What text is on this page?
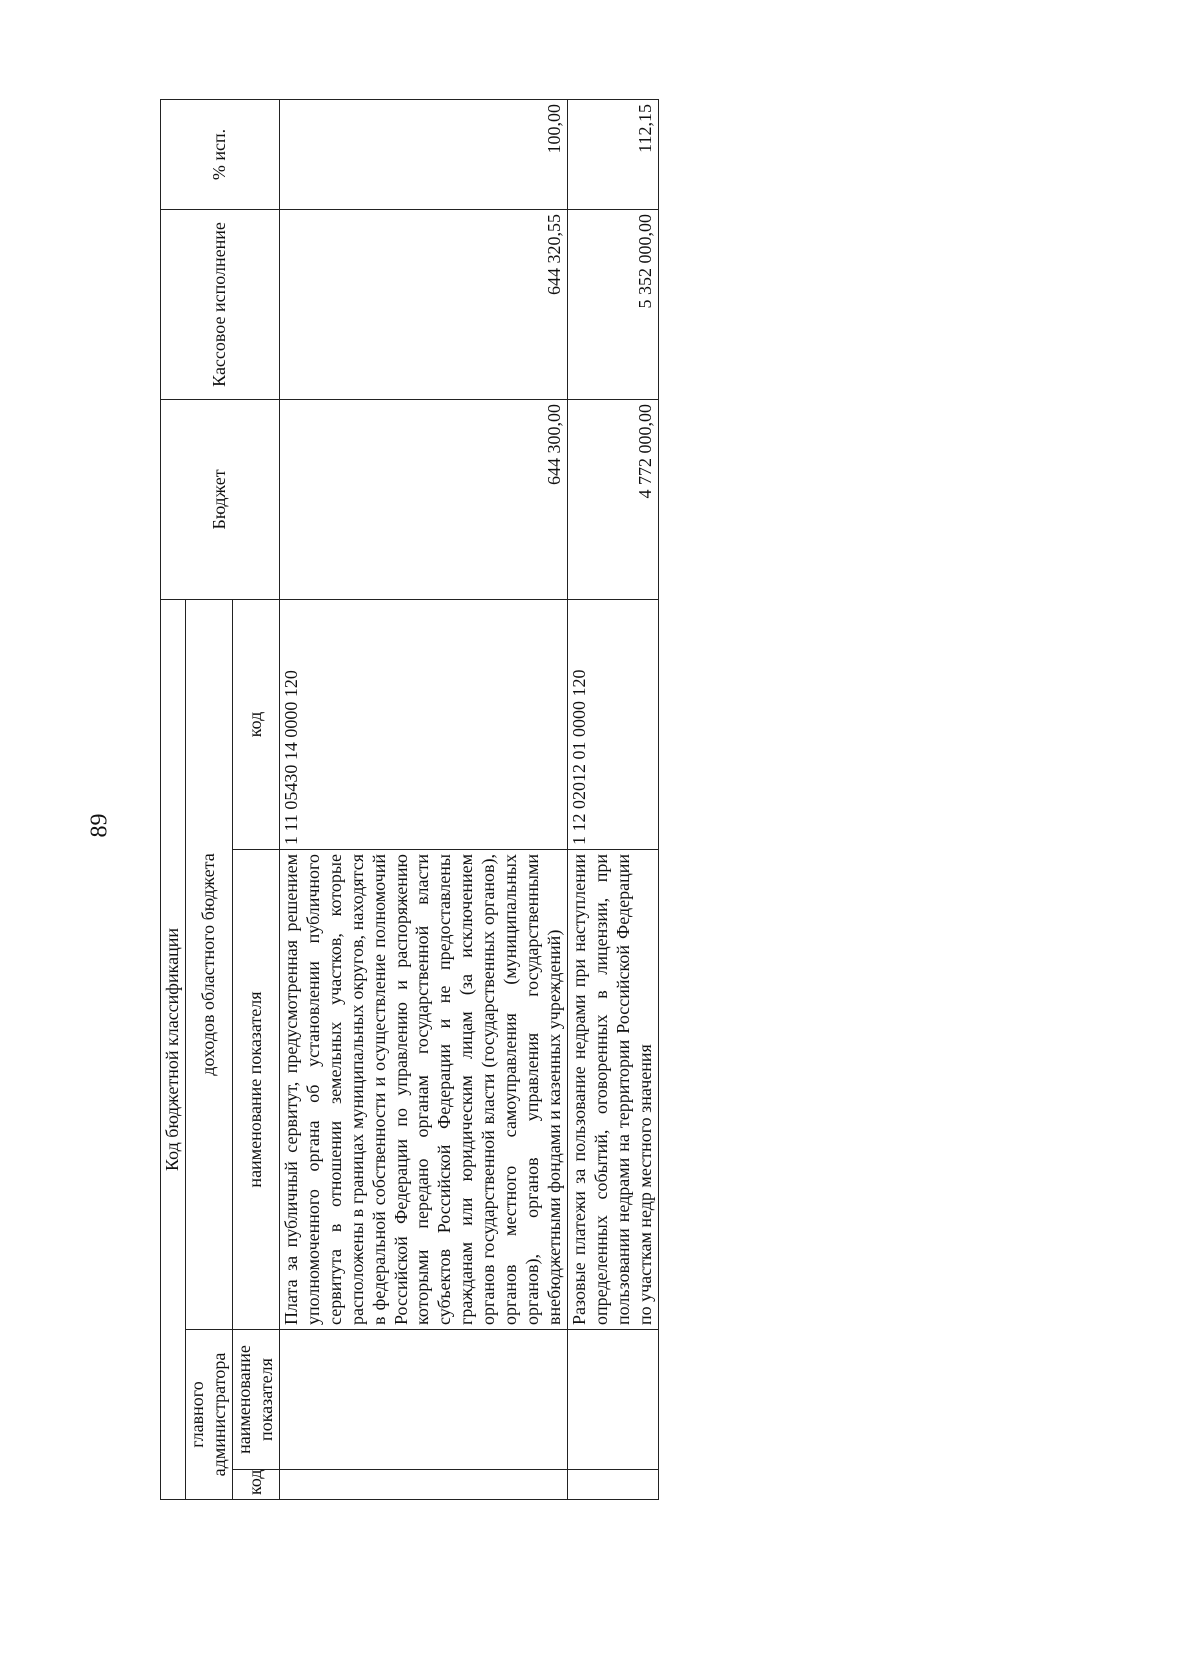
89
Код бюджетной классификации				Бюджет	Кассовое исполнение	% исп.
главного администратора		доходов областного бюджета				
код	наименование показателя	наименование показателя	код			
		Плата за публичный сервитут, предусмотренная решением уполномоченного органа об установлении публичного сервитута в отношении земельных участков, которые расположены в границах муниципальных округов, находятся в федеральной собственности и осуществление полномочий Российской Федерации по управлению и распоряжению которыми передано органам государственной власти субъектов Российской Федерации и не предоставлены гражданам или юридическим лицам (за исключением органов государственной власти (государственных органов), органов местного самоуправления (муниципальных органов), органов управления государственными внебюджетными фондами и казенных учреждений)	1 11 05430 14 0000 120	644 300,00	644 320,55	100,00
		Разовые платежи за пользование недрами при наступлении определенных событий, оговоренных в лицензии, при пользовании недрами на территории Российской Федерации по участкам недр местного значения	1 12 02012 01 0000 120	4 772 000,00	5 352 000,00	112,15
